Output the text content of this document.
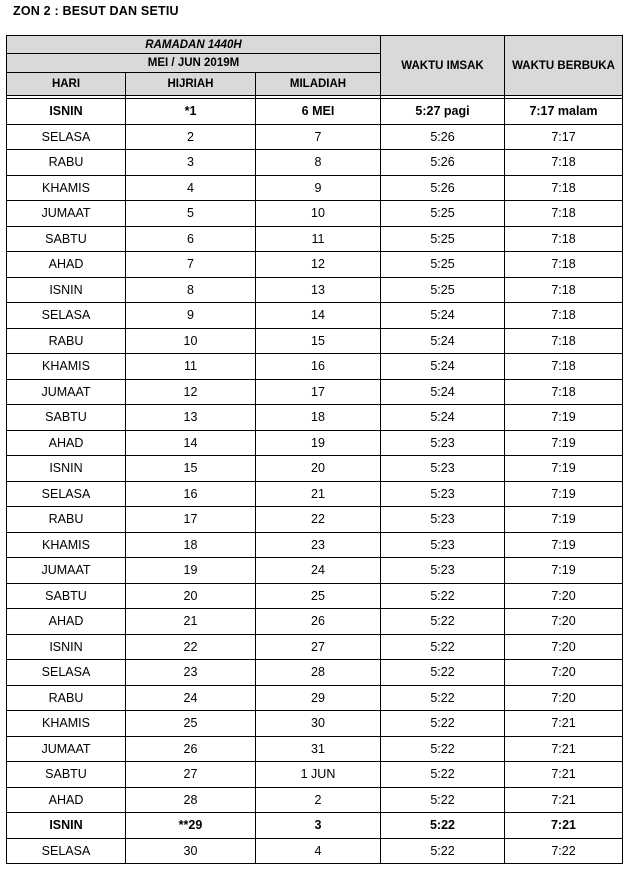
ZON 2 : BESUT DAN SETIU
RAMADAN 1440H			WAKTU IMSAK	WAKTU BERBUKA
MEI / JUN 2019M				
HARI	HIJRIAH	MILADIAH		

ISNIN	*1	6 MEI	5:27 pagi	7:17 malam
SELASA	2	7	5:26	7:17
RABU	3	8	5:26	7:18
KHAMIS	4	9	5:26	7:18
JUMAAT	5	10	5:25	7:18
SABTU	6	11	5:25	7:18
AHAD	7	12	5:25	7:18
ISNIN	8	13	5:25	7:18
SELASA	9	14	5:24	7:18
RABU	10	15	5:24	7:18
KHAMIS	11	16	5:24	7:18
JUMAAT	12	17	5:24	7:18
SABTU	13	18	5:24	7:19
AHAD	14	19	5:23	7:19
ISNIN	15	20	5:23	7:19
SELASA	16	21	5:23	7:19
RABU	17	22	5:23	7:19
KHAMIS	18	23	5:23	7:19
JUMAAT	19	24	5:23	7:19
SABTU	20	25	5:22	7:20
AHAD	21	26	5:22	7:20
ISNIN	22	27	5:22	7:20
SELASA	23	28	5:22	7:20
RABU	24	29	5:22	7:20
KHAMIS	25	30	5:22	7:21
JUMAAT	26	31	5:22	7:21
SABTU	27	1 JUN	5:22	7:21
AHAD	28	2	5:22	7:21
ISNIN	**29	3	5:22	7:21
SELASA	30	4	5:22	7:22
